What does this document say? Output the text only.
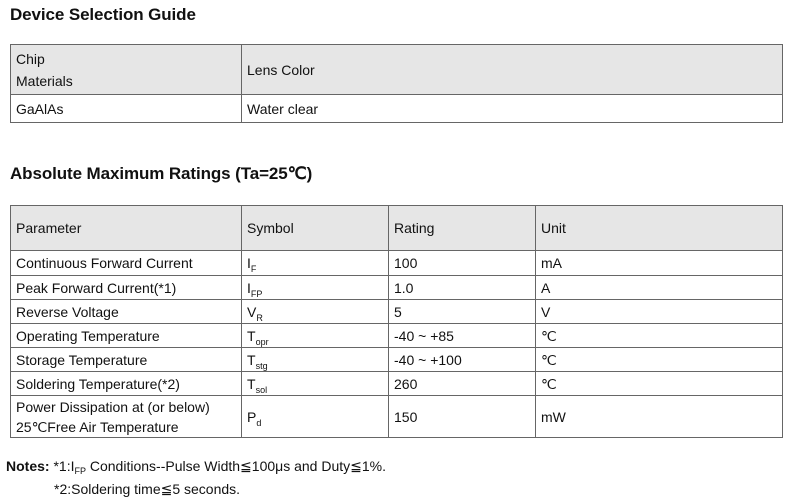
Device Selection Guide
Chip
Materials	Lens Color
GaAlAs	Water clear
Absolute Maximum Ratings (Ta=25℃)
Parameter	Symbol	Rating	Unit
Continuous Forward Current	$I_F$	100	mA
Peak Forward Current(*1)	$I_{FP}$	1.0	A
Reverse Voltage	$V_R$	5	V
Operating Temperature	$T_{opr}$	-40 ~ +85	℃
Storage Temperature	$T_{stg}$	-40 ~ +100	℃
Soldering Temperature(*2)	$T_{sol}$	260	℃

Power Dissipation at (or below)
25℃Free Air Temperature	$P_d$	150	mW
Notes: $*1:I_{FP}$ Conditions--Pulse Width≦100μs and Duty≦1%.
*2:Soldering time≦5 seconds.
